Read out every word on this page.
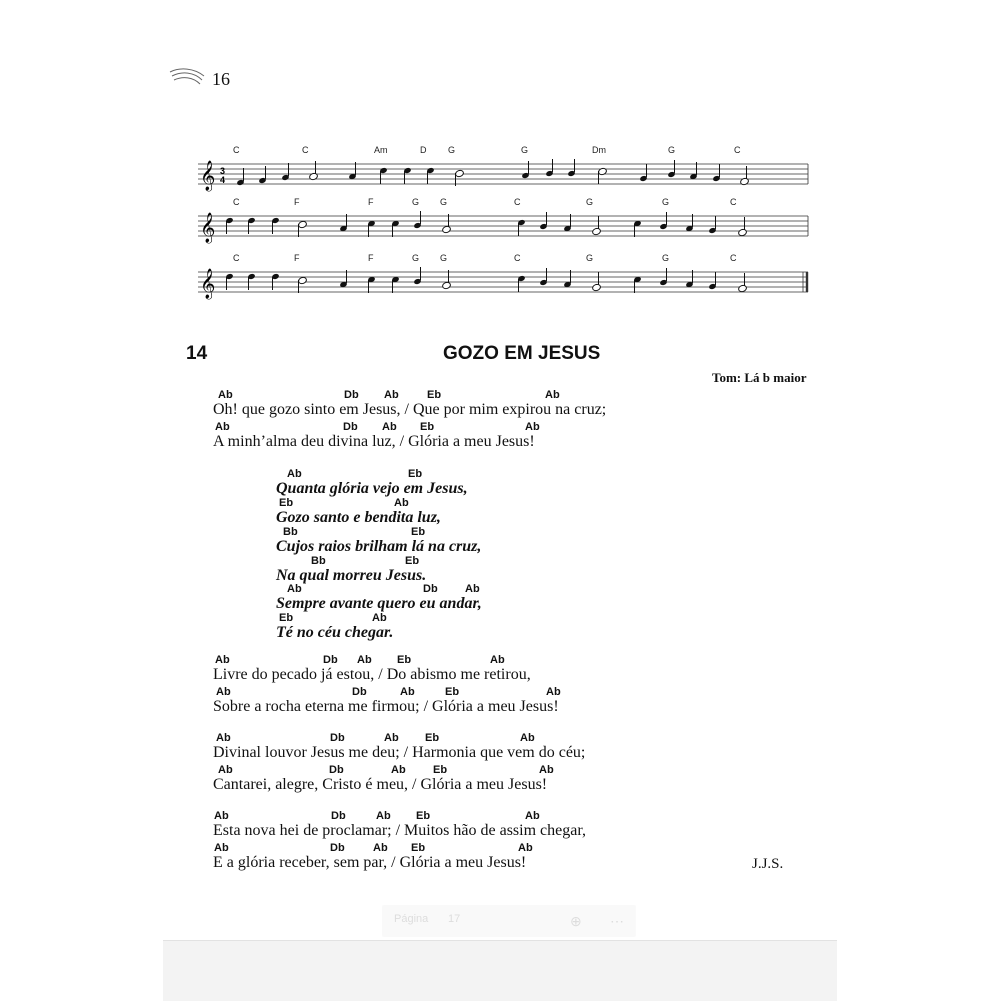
16
𝄞 3
4
𝄞
𝄞
C	C	Am	D G	G	Dm	G	C
C	F	F	G G	C	G	G	C
C	F	F	G G	C	G	G	C
14	GOZO EM JESUS
Tom: Lá b maior
Oh! que gozo sinto em Jesus, / Que por mim expirou na cruz;
Ab	Db Ab	Eb	Ab
A minh’alma deu divina luz, / Glória a meu Jesus!
Ab	Db Ab Eb	Ab
Quanta glória vejo em Jesus,
Ab	Eb
Gozo santo e bendita luz,
Eb	Ab
Cujos raios brilham lá na cruz,
Bb	Eb
Na qual morreu Jesus.
Bb	Eb
Sempre avante quero eu andar,
Ab	Db Ab
Té no céu chegar.
Eb	Ab
Livre do pecado já estou, / Do abismo me retirou,
Ab	Db Ab Eb	Ab
Sobre a rocha eterna me firmou; / Glória a meu Jesus!
Ab	Db	Ab	Eb	Ab
Divinal louvor Jesus me deu; / Harmonia que vem do céu;
Ab	Db	Ab Eb	Ab
Cantarei, alegre, Cristo é meu, / Glória a meu Jesus!
Ab	Db	Ab Eb	Ab
Esta nova hei de proclamar; / Muitos hão de assim chegar,
Ab	Db	Ab Eb	Ab
E a glória receber, sem par, / Glória a meu Jesus!
Ab	Db	Ab Eb	Ab
J.J.S.
Página 17	⊕ ⋯
